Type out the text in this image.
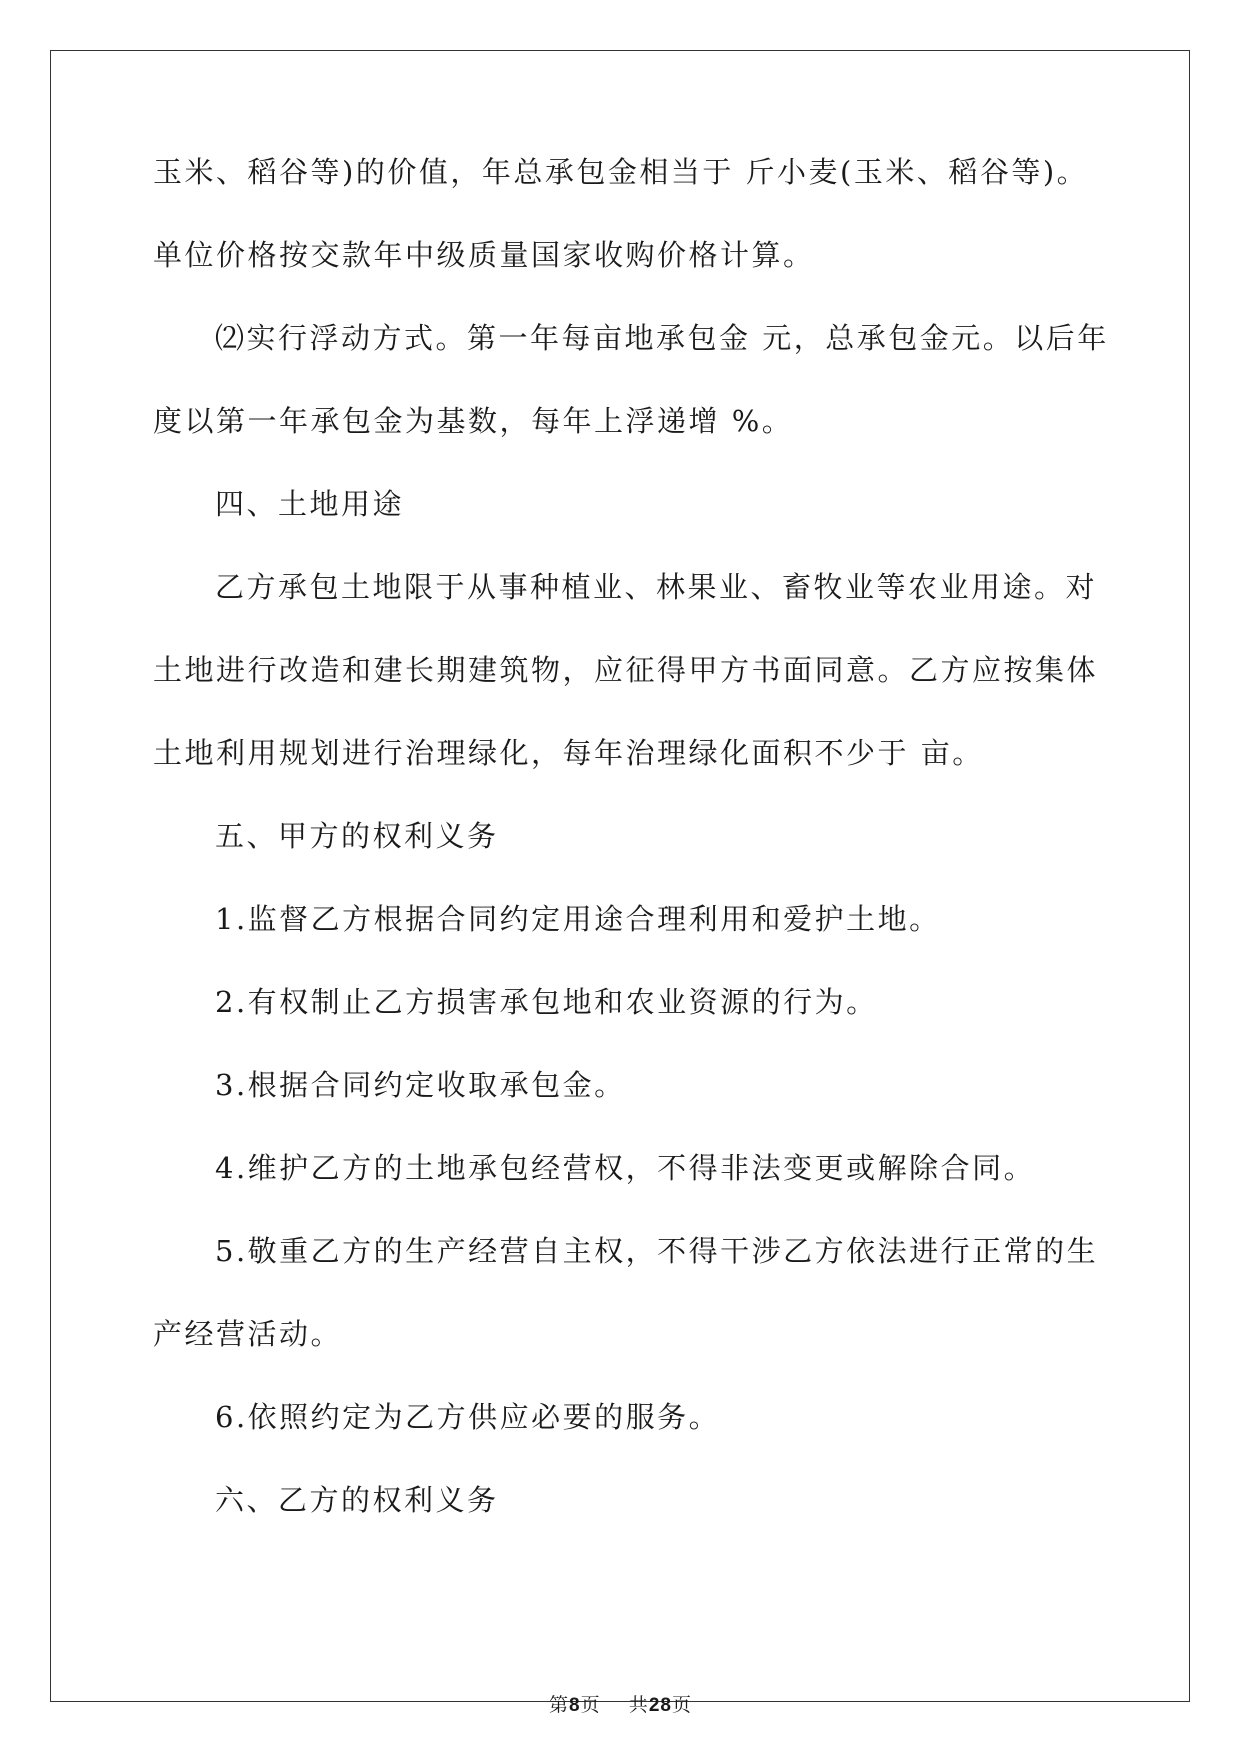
玉米、稻谷等)的价值，年总承包金相当于 斤小麦(玉米、稻谷等)。
单位价格按交款年中级质量国家收购价格计算。
⑵实行浮动方式。第一年每亩地承包金 元，总承包金元。以后年
度以第一年承包金为基数，每年上浮递增 %。
四、土地用途
乙方承包土地限于从事种植业、林果业、畜牧业等农业用途。对
土地进行改造和建长期建筑物，应征得甲方书面同意。乙方应按集体
土地利用规划进行治理绿化，每年治理绿化面积不少于 亩。
五、甲方的权利义务
1.监督乙方根据合同约定用途合理利用和爱护土地。
2.有权制止乙方损害承包地和农业资源的行为。
3.根据合同约定收取承包金。
4.维护乙方的土地承包经营权，不得非法变更或解除合同。
5.敬重乙方的生产经营自主权，不得干涉乙方依法进行正常的生
产经营活动。
6.依照约定为乙方供应必要的服务。
六、乙方的权利义务
第8页 共28页
